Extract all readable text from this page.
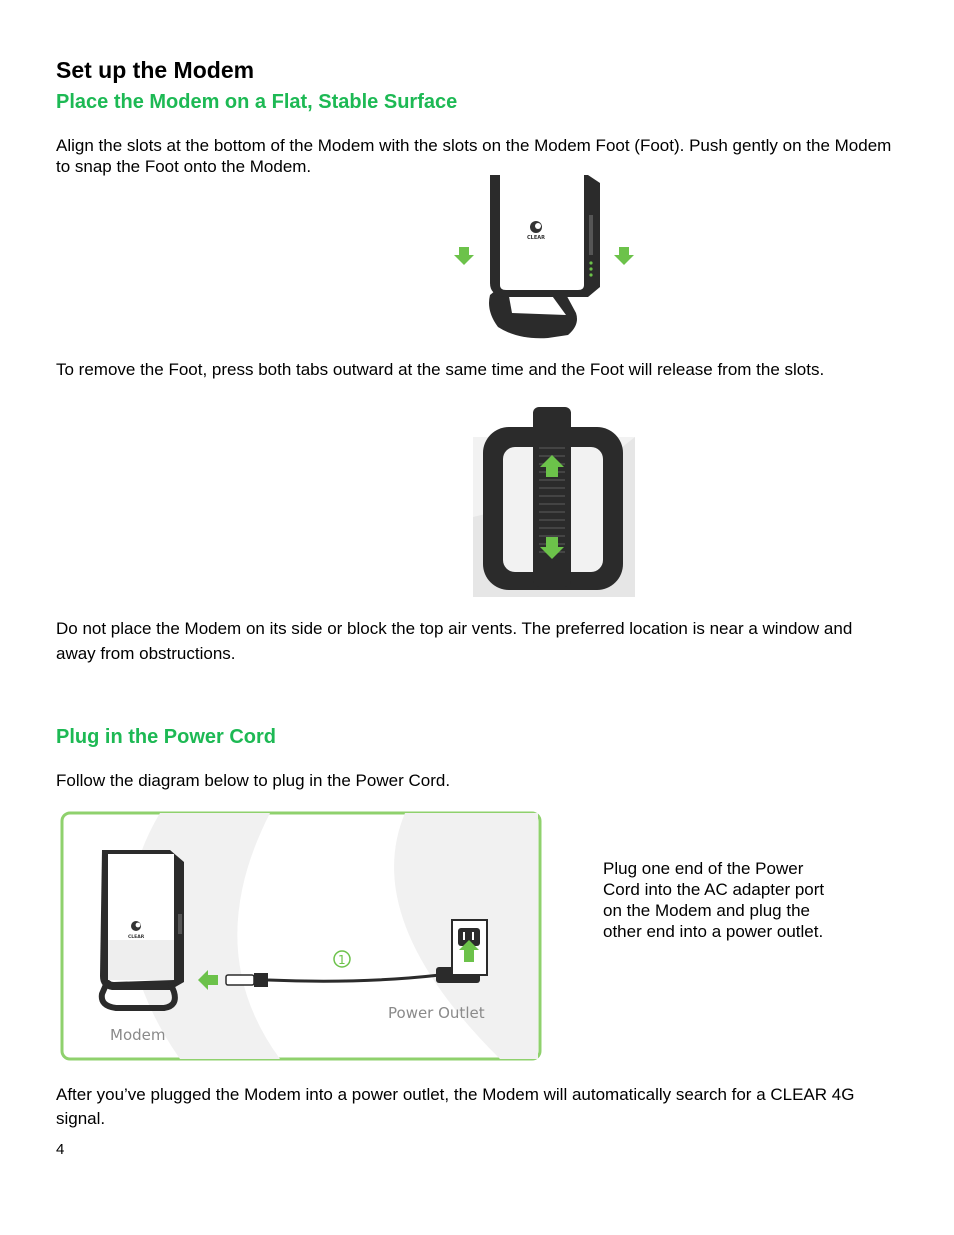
Set up the Modem
Place the Modem on a Flat, Stable Surface

Align the slots at the bottom of the Modem with the slots on the Modem Foot (Foot). Push gently on the Modem to snap the Foot onto the Modem.

CLEAR

To remove the Foot, press both tabs outward at the same time and the Foot will release from the slots.

Do not place the Modem on its side or block the top air vents. The preferred location is near a window and away from obstructions.

Plug in the Power Cord

Follow the diagram below to plug in the Power Cord.

CLEAR
1
Power Outlet
Modem

Plug one end of the Power Cord into the AC adapter port on the Modem and plug the other end into a power outlet.

After you’ve plugged the Modem into a power outlet, the Modem will automatically search for a CLEAR 4G signal.

4
